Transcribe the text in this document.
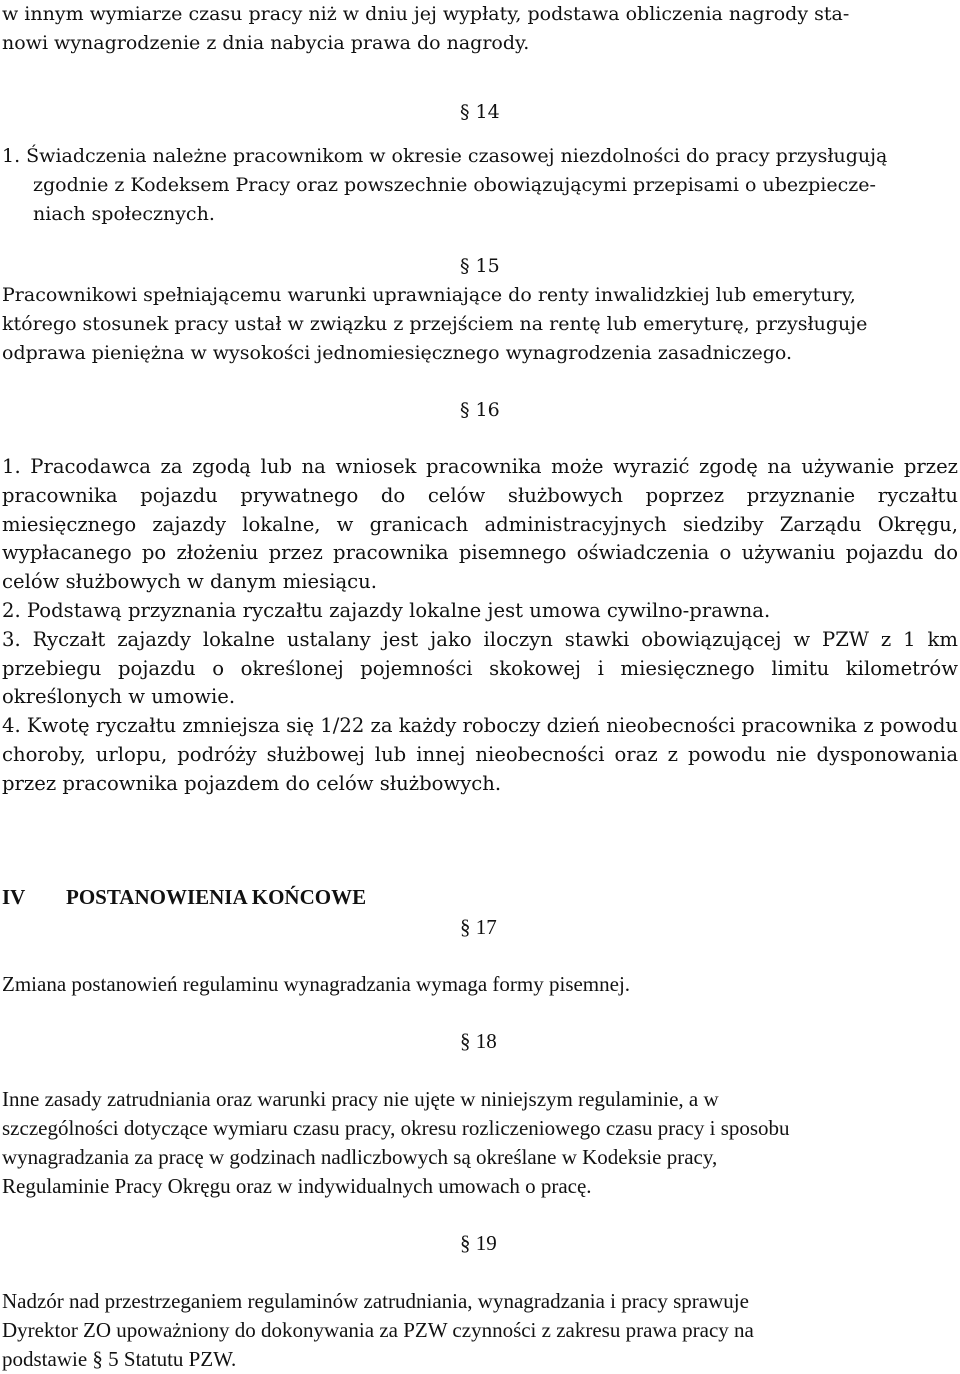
w innym wymiarze czasu pracy niż w dniu jej wypłaty, podstawa obliczenia nagrody sta-
nowi wynagrodzenie z dnia nabycia prawa do nagrody.
§ 14
1. Świadczenia należne pracownikom w okresie czasowej niezdolności do pracy przysługują
zgodnie z Kodeksem Pracy oraz powszechnie obowiązującymi przepisami o ubezpiecze-
niach społecznych.
§ 15
Pracownikowi spełniającemu warunki uprawniające do renty inwalidzkiej lub emerytury,
którego stosunek pracy ustał w związku z przejściem na rentę lub emeryturę, przysługuje
odprawa pieniężna w wysokości jednomiesięcznego wynagrodzenia zasadniczego.
§ 16

1. Pracodawca za zgodą lub na wniosek pracownika może wyrazić zgodę na używanie przez pracownika pojazdu prywatnego do celów służbowych poprzez przyznanie ryczałtu miesięcznego zajazdy lokalne, w granicach administracyjnych siedziby Zarządu Okręgu, wypłacanego po złożeniu przez pracownika pisemnego oświadczenia o używaniu pojazdu do celów służbowych w danym miesiącu.

2. Podstawą przyznania ryczałtu zajazdy lokalne jest umowa cywilno-prawna.

3. Ryczałt zajazdy lokalne ustalany jest jako iloczyn stawki obowiązującej w PZW z 1 km przebiegu pojazdu o określonej pojemności skokowej i miesięcznego limitu kilometrów określonych w umowie.

4. Kwotę ryczałtu zmniejsza się 1/22 za każdy roboczy dzień nieobecności pracownika z powodu choroby, urlopu, podróży służbowej lub innej nieobecności oraz z powodu nie dysponowania przez pracownika pojazdem do celów służbowych.

IV POSTANOWIENIA KOŃCOWE
§ 17
Zmiana postanowień regulaminu wynagradzania wymaga formy pisemnej.
§ 18
Inne zasady zatrudniania oraz warunki pracy nie ujęte w niniejszym regulaminie, a w
szczególności dotyczące wymiaru czasu pracy, okresu rozliczeniowego czasu pracy i sposobu
wynagradzania za pracę w godzinach nadliczbowych są określane w Kodeksie pracy,
Regulaminie Pracy Okręgu oraz w indywidualnych umowach o pracę.
§ 19
Nadzór nad przestrzeganiem regulaminów zatrudniania, wynagradzania i pracy sprawuje
Dyrektor ZO upoważniony do dokonywania za PZW czynności z zakresu prawa pracy na
podstawie § 5 Statutu PZW.
